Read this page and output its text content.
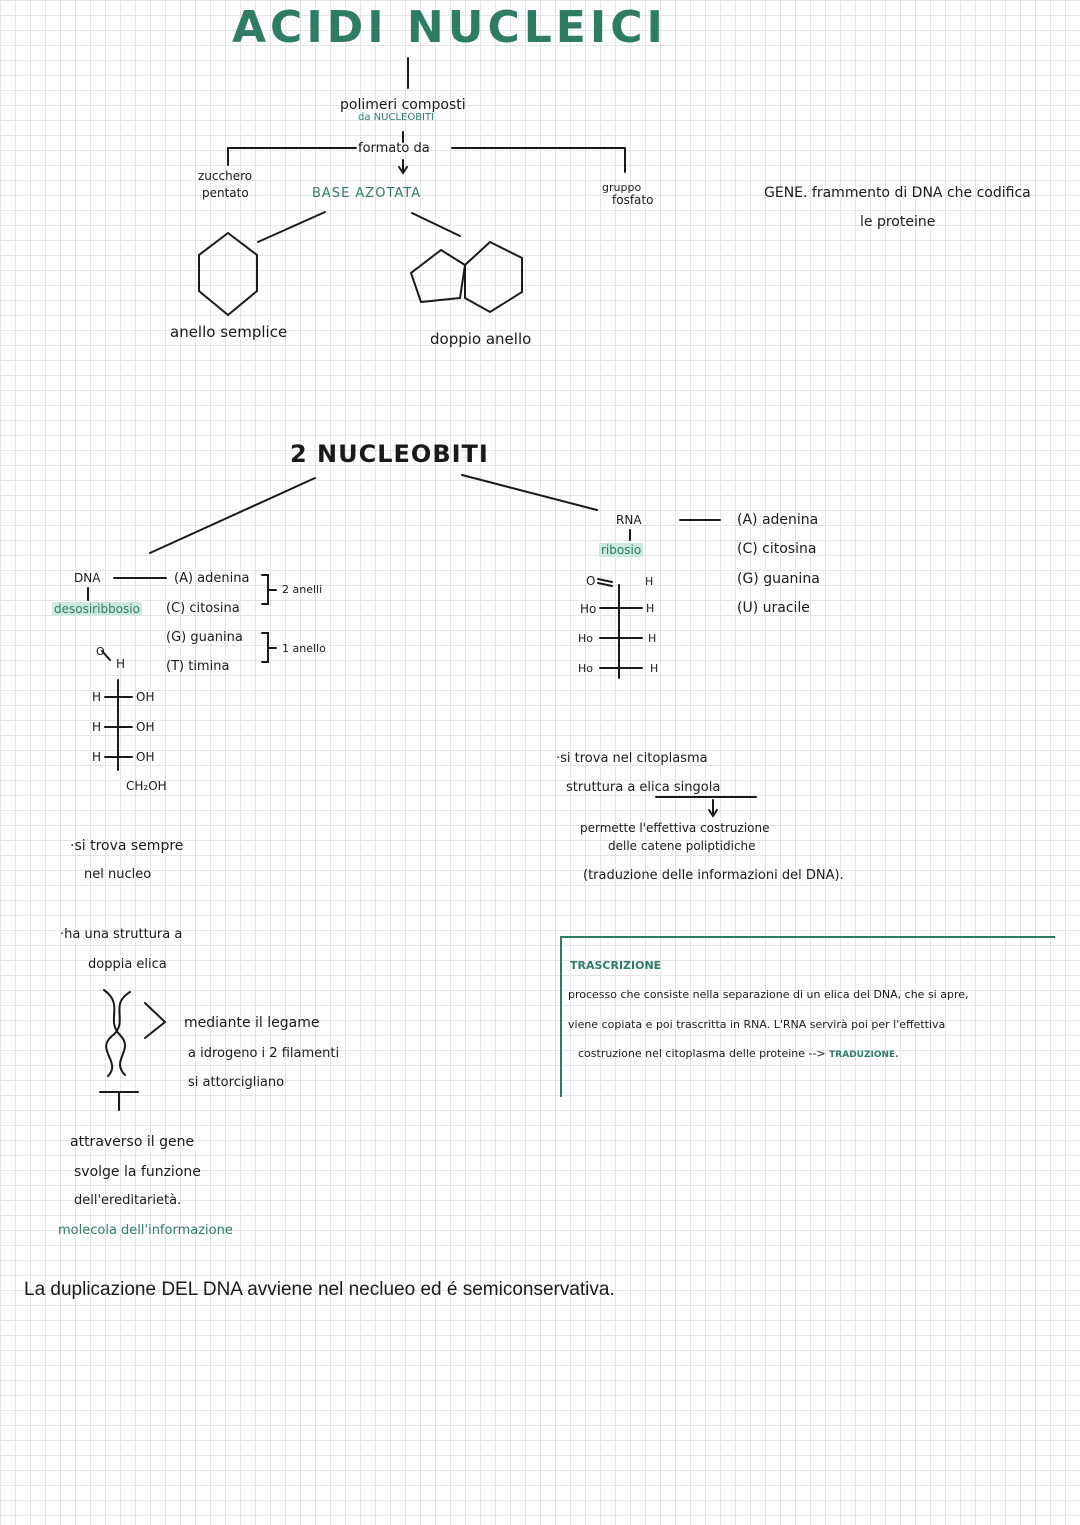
ACIDI NUCLEICI
polimeri composti
da NUCLEOBITI
formato da
zucchero
pentato	BASE AZOTATA	gruppo
fosfato
anello semplice	doppio anello
GENE. frammento di DNA che codifica
le proteine
2 NUCLEOBITI
DNA
desosiribbosio
(A) adenina
(C) citosina
(G) guanina
(T) timina
2 anelli
1 anello
O
H
H	OH
H	OH
H	OH
CH₂OH
·si trova sempre
nel nucleo
·ha una struttura a
doppia elica
mediante il legame
a idrogeno i 2 filamenti
si attorcigliano
attraverso il gene
svolge la funzione
dell'ereditarietà.
molecola dell'informazione
RNA
ribosio
(A) adenina
(C) citosina
(G) guanina
(U) uracile
O	H
Ho	H
Ho	H
Ho	H
·si trova nel citoplasma
struttura a elica singola
permette l'effettiva costruzione
delle catene poliptidiche
(traduzione delle informazioni del DNA).
TRASCRIZIONE
processo che consiste nella separazione di un elica del DNA, che si apre,
viene copiata e poi trascritta in RNA. L'RNA servirà poi per l'effettiva
costruzione nel citoplasma delle proteine --> TRADUZIONE.
La duplicazione DEL DNA avviene nel neclueo ed é semiconservativa.
